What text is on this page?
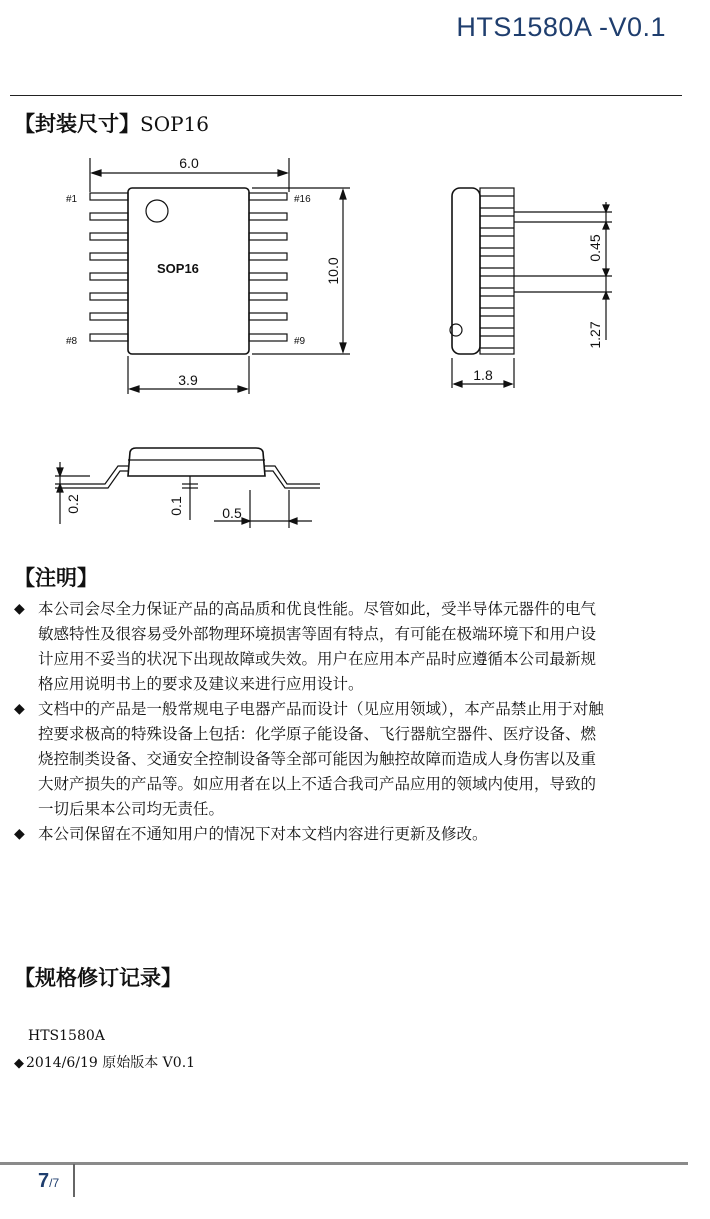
HTS1580A -V0.1
【封装尺寸】SOP16
6.0
3.9
SOP16
#1	#16
#8	#9
10.0
1.8
0.45
1.27
0.2	0.1	0.5
【注明】
◆ 本公司会尽全力保证产品的高品质和优良性能。尽管如此，受半导体元器件的电气
敏感特性及很容易受外部物理环境损害等固有特点，有可能在极端环境下和用户设
计应用不妥当的状况下出现故障或失效。用户在应用本产品时应遵循本公司最新规
格应用说明书上的要求及建议来进行应用设计。
◆ 文档中的产品是一般常规电子电器产品而设计（见应用领域），本产品禁止用于对触
控要求极高的特殊设备上包括：化学原子能设备、飞行器航空器件、医疗设备、燃
烧控制类设备、交通安全控制设备等全部可能因为触控故障而造成人身伤害以及重
大财产损失的产品等。如应用者在以上不适合我司产品应用的领域内使用，导致的
一切后果本公司均无责任。
◆ 本公司保留在不通知用户的情况下对本文档内容进行更新及修改。
【规格修订记录】
HTS1580A
◆ 2014/6/19 原始版本 V0.1
7/7
